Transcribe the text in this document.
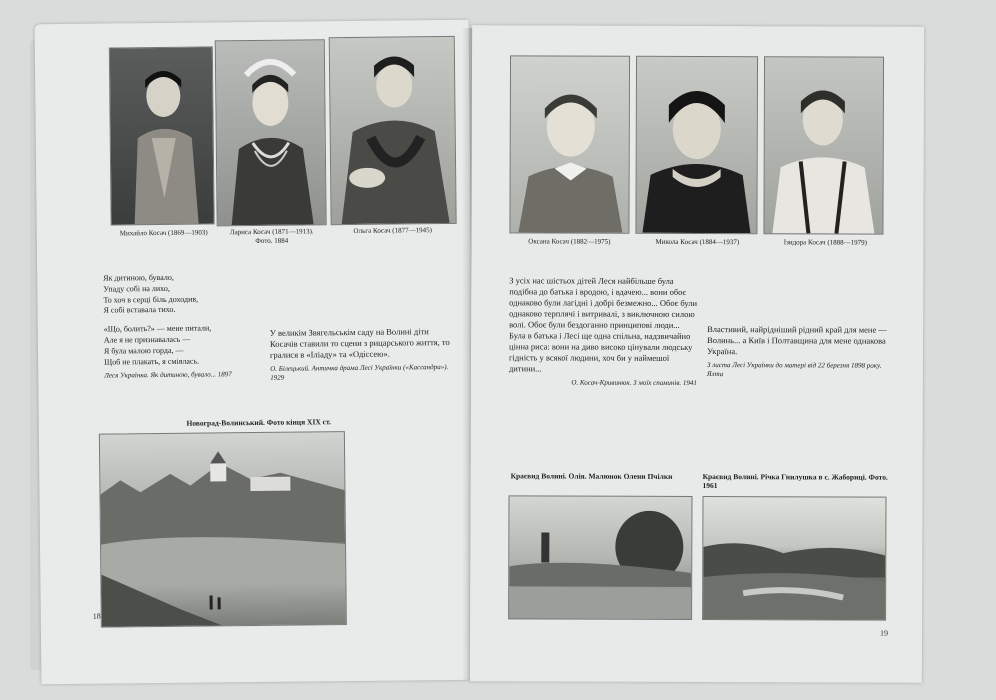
Михайло Косач (1869—1903)	Лариса Косач (1871—1913). Фото. 1884
Ольга Косач (1877—1945)
Як дитиною, бувало,
Упаду собі на лихо,
То хоч в серці біль доходив,
Я собі вставала тихо.
«Що, болить?» — мене питали,
Але я не признавалась —
Я була малою горда, —
Щоб не плакать, я сміялась.
Леся Українка. Як дитиною, бувало... 1897
У великім Звягельськім саду на Волині діти Косачів ставили то сцени з рицарського життя, то гралися в «Іліаду» та «Одіссею».
О. Білецький. Античка драма Лесі Українки («Кассандра»). 1929
Новоград-Волинський. Фото кінця XIX ст.
18
Оксана Косач (1882—1975)	Микола Косач (1884—1937)	Ізидора Косач (1888—1979)
З усіх нас шістьох дітей Леся найбільше була подібна до батька і вродою, і вдачею... вони обоє однаково були лагідні і добрі безмежно... Обоє були однаково терплячі і витривалі, з виключною силою волі. Обоє були бездоганно принципові люди... Була в батька і Лесі ще одна спільна, надзвичайно цінна риса: вони на диво високо цінували людську гідність у всякої людини, хоч би у наймешої дитини...
О. Косач-Кривинюк. З моїх споминів. 1941
Властивий, найрідніший рідний край для мене — Волинь... а Київ і Полтавщина для мене однакова Україна.
З листа Лесі Українки до матері від 22 березня 1898 року. Ялта
Краєвид Волині. Олія. Малюнок Олени Пчілки	Краєвид Волині. Річка Гнилушка в с. Жаборицi. Фото. 1961
19
